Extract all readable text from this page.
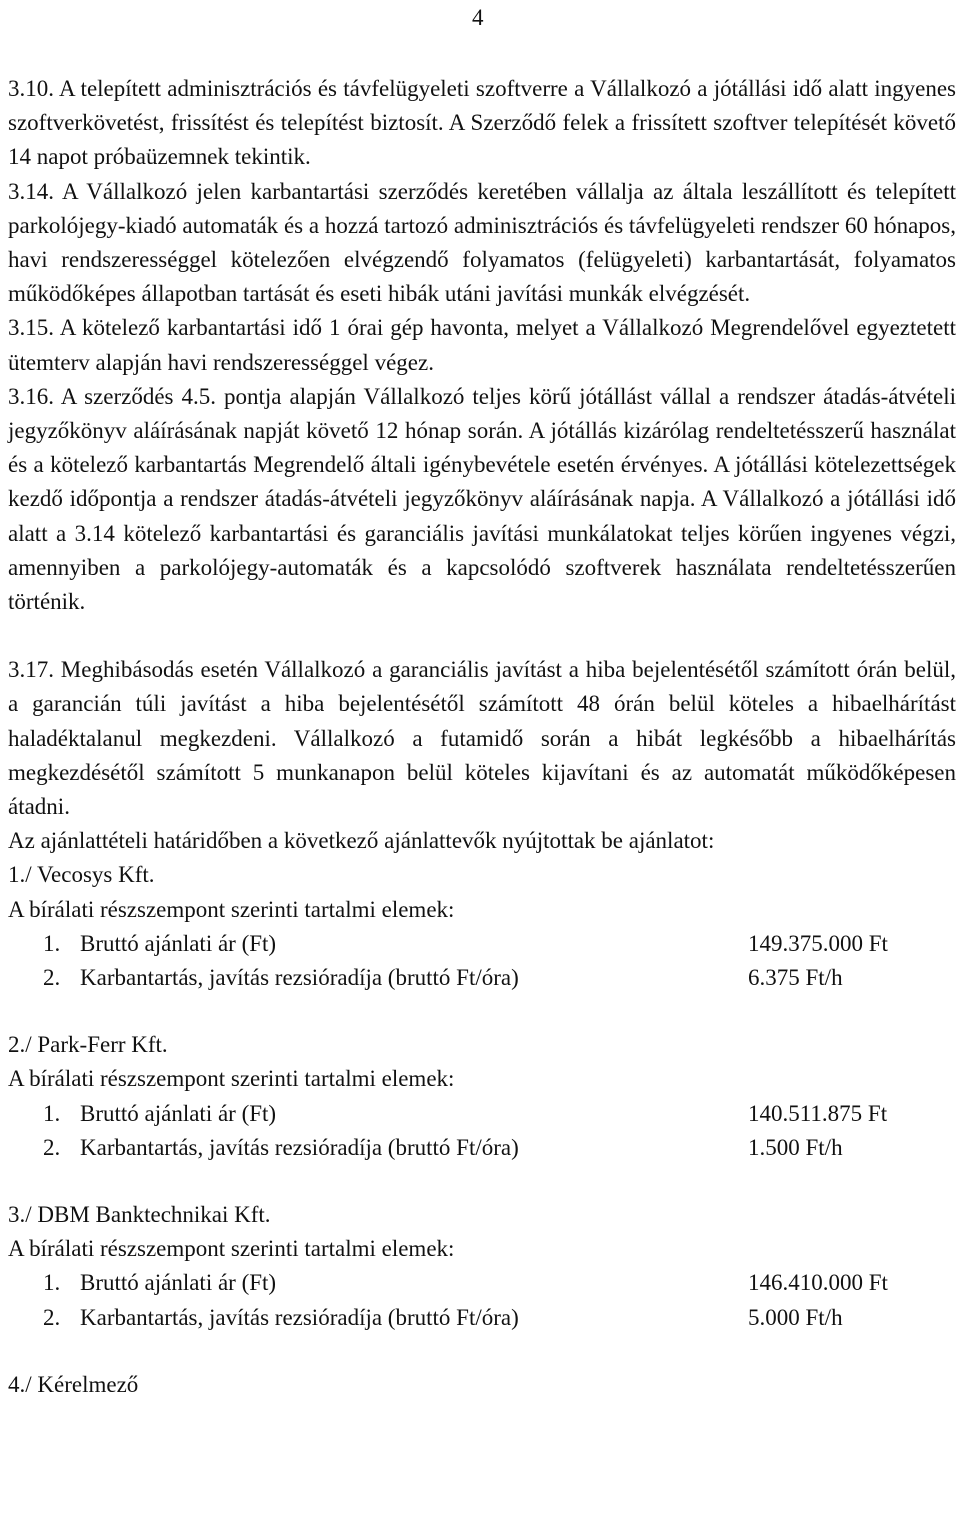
4

3.10. A telepített adminisztrációs és távfelügyeleti szoftverre a Vállalkozó a jótállási idő alatt ingyenes szoftverkövetést, frissítést és telepítést biztosít. A Szerződő felek a frissített szoftver telepítését követő 14 napot próbaüzemnek tekintik.

3.14. A Vállalkozó jelen karbantartási szerződés keretében vállalja az általa leszállított és telepített parkolójegy-kiadó automaták és a hozzá tartozó adminisztrációs és távfelügyeleti rendszer 60 hónapos, havi rendszerességgel kötelezően elvégzendő folyamatos (felügyeleti) karbantartását, folyamatos működőképes állapotban tartását és eseti hibák utáni javítási munkák elvégzését.

3.15. A kötelező karbantartási idő 1 órai gép havonta, melyet a Vállalkozó Megrendelővel egyeztetett ütemterv alapján havi rendszerességgel végez.

3.16. A szerződés 4.5. pontja alapján Vállalkozó teljes körű jótállást vállal a rendszer átadás-átvételi jegyzőkönyv aláírásának napját követő 12 hónap során. A jótállás kizárólag rendeltetésszerű használat és a kötelező karbantartás Megrendelő általi igénybevétele esetén érvényes. A jótállási kötelezettségek kezdő időpontja a rendszer átadás-átvételi jegyzőkönyv aláírásának napja. A Vállalkozó a jótállási idő alatt a 3.14 kötelező karbantartási és garanciális javítási munkálatokat teljes körűen ingyenes végzi, amennyiben a parkolójegy-automaták és a kapcsolódó szoftverek használata rendeltetésszerűen történik.

3.17. Meghibásodás esetén Vállalkozó a garanciális javítást a hiba bejelentésétől számított órán belül, a garancián túli javítást a hiba bejelentésétől számított 48 órán belül köteles a hibaelhárítást haladéktalanul megkezdeni. Vállalkozó a futamidő során a hibát legkésőbb a hibaelhárítás megkezdésétől számított 5 munkanapon belül köteles kijavítani és az automatát működőképesen átadni.

Az ajánlattételi határidőben a következő ajánlattevők nyújtottak be ajánlatot:

1./ Vecosys Kft.

A bírálati részszempont szerinti tartalmi elemek:

1. Bruttó ajánlati ár (Ft)	149.375.000 Ft
2. Karbantartás, javítás rezsióradíja (bruttó Ft/óra)	6.375 Ft/h

2./ Park-Ferr Kft.

A bírálati részszempont szerinti tartalmi elemek:

1. Bruttó ajánlati ár (Ft)	140.511.875 Ft
2. Karbantartás, javítás rezsióradíja (bruttó Ft/óra)	1.500 Ft/h

3./ DBM Banktechnikai Kft.

A bírálati részszempont szerinti tartalmi elemek:

1. Bruttó ajánlati ár (Ft)	146.410.000 Ft
2. Karbantartás, javítás rezsióradíja (bruttó Ft/óra)	5.000 Ft/h

4./ Kérelmező
